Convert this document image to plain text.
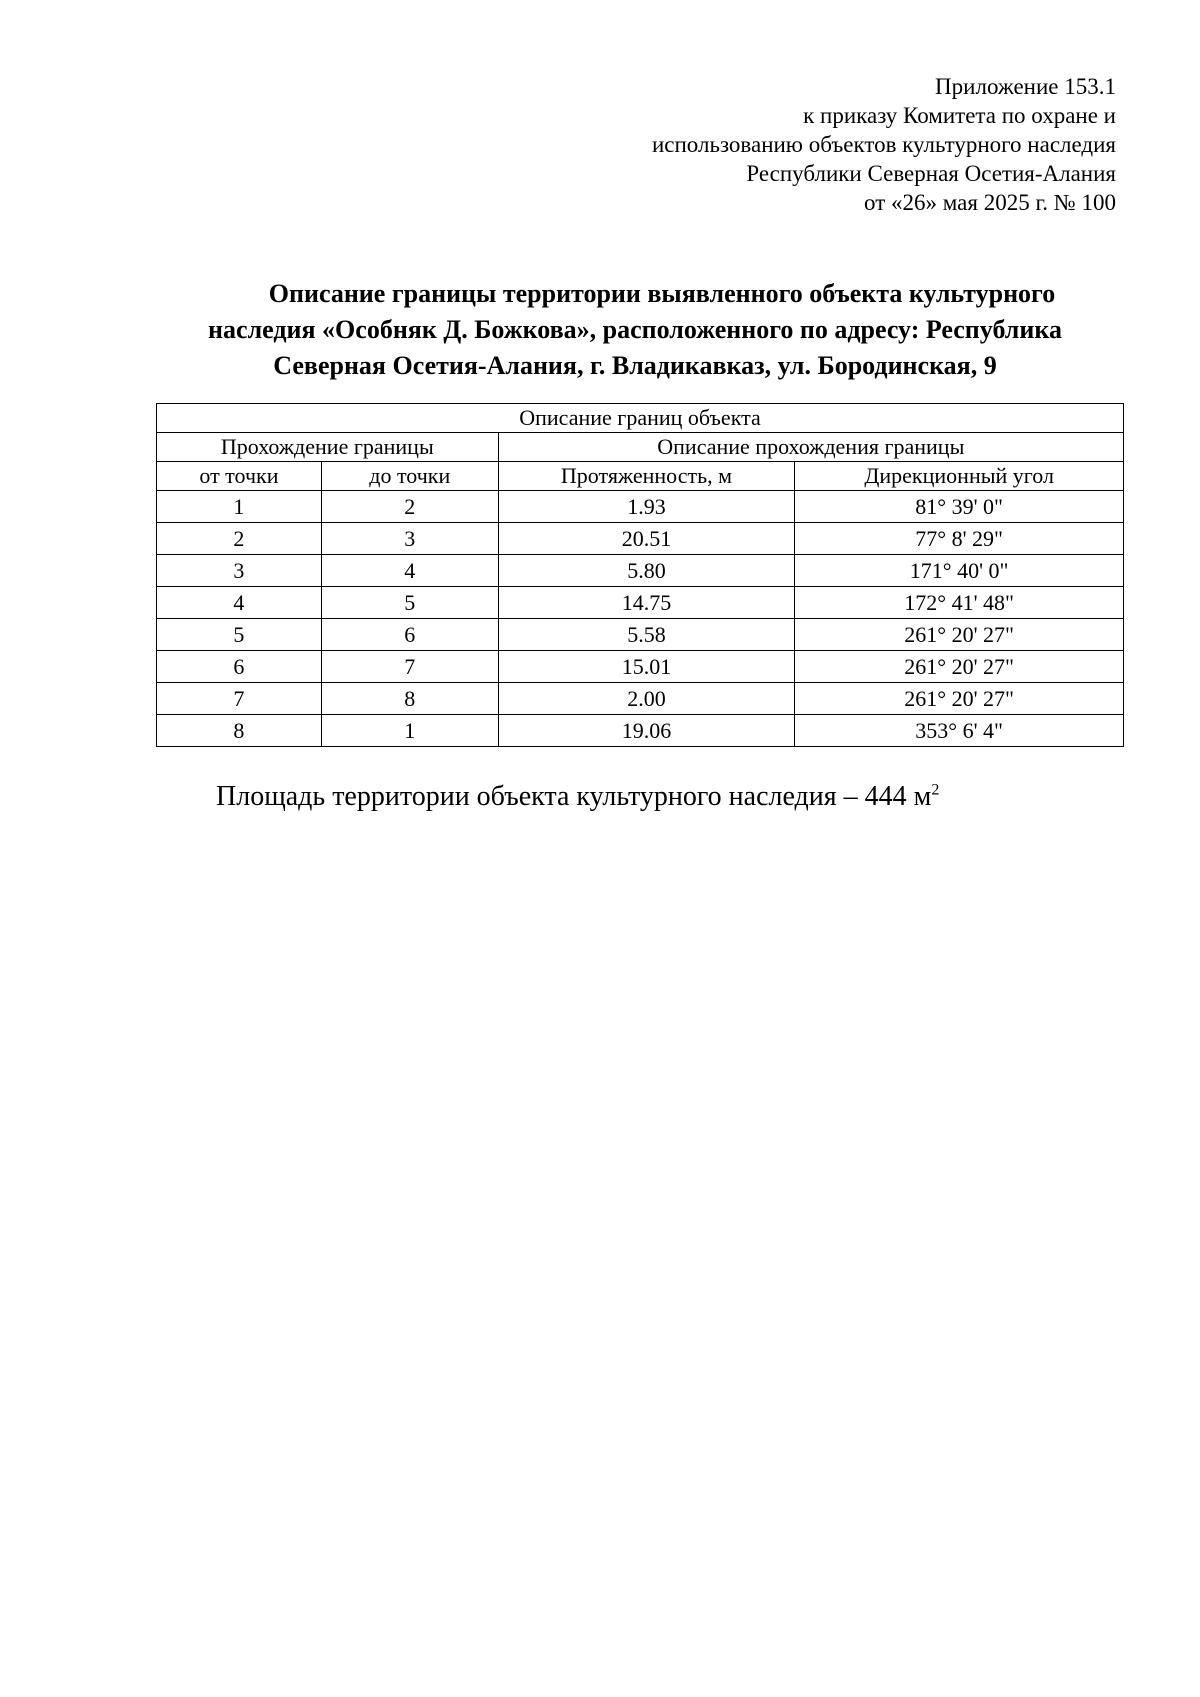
Приложение 153.1
к приказу Комитета по охране и
использованию объектов культурного наследия
Республики Северная Осетия-Алания
от «26» мая 2025 г. № 100
Описание границы территории выявленного объекта культурного
наследия «Особняк Д. Божкова», расположенного по адресу: Республика
Северная Осетия-Алания, г. Владикавказ, ул. Бородинская, 9
Описание границ объекта			
Прохождение границы		Описание прохождения границы	
от точки	до точки	Протяженность, м	Дирекционный угол
1	2	1.93	81° 39' 0"
2	3	20.51	77° 8' 29"
3	4	5.80	171° 40' 0"
4	5	14.75	172° 41' 48"
5	6	5.58	261° 20' 27"
6	7	15.01	261° 20' 27"
7	8	2.00	261° 20' 27"
8	1	19.06	353° 6' 4"
Площадь территории объекта культурного наследия – 444 $м^2$
